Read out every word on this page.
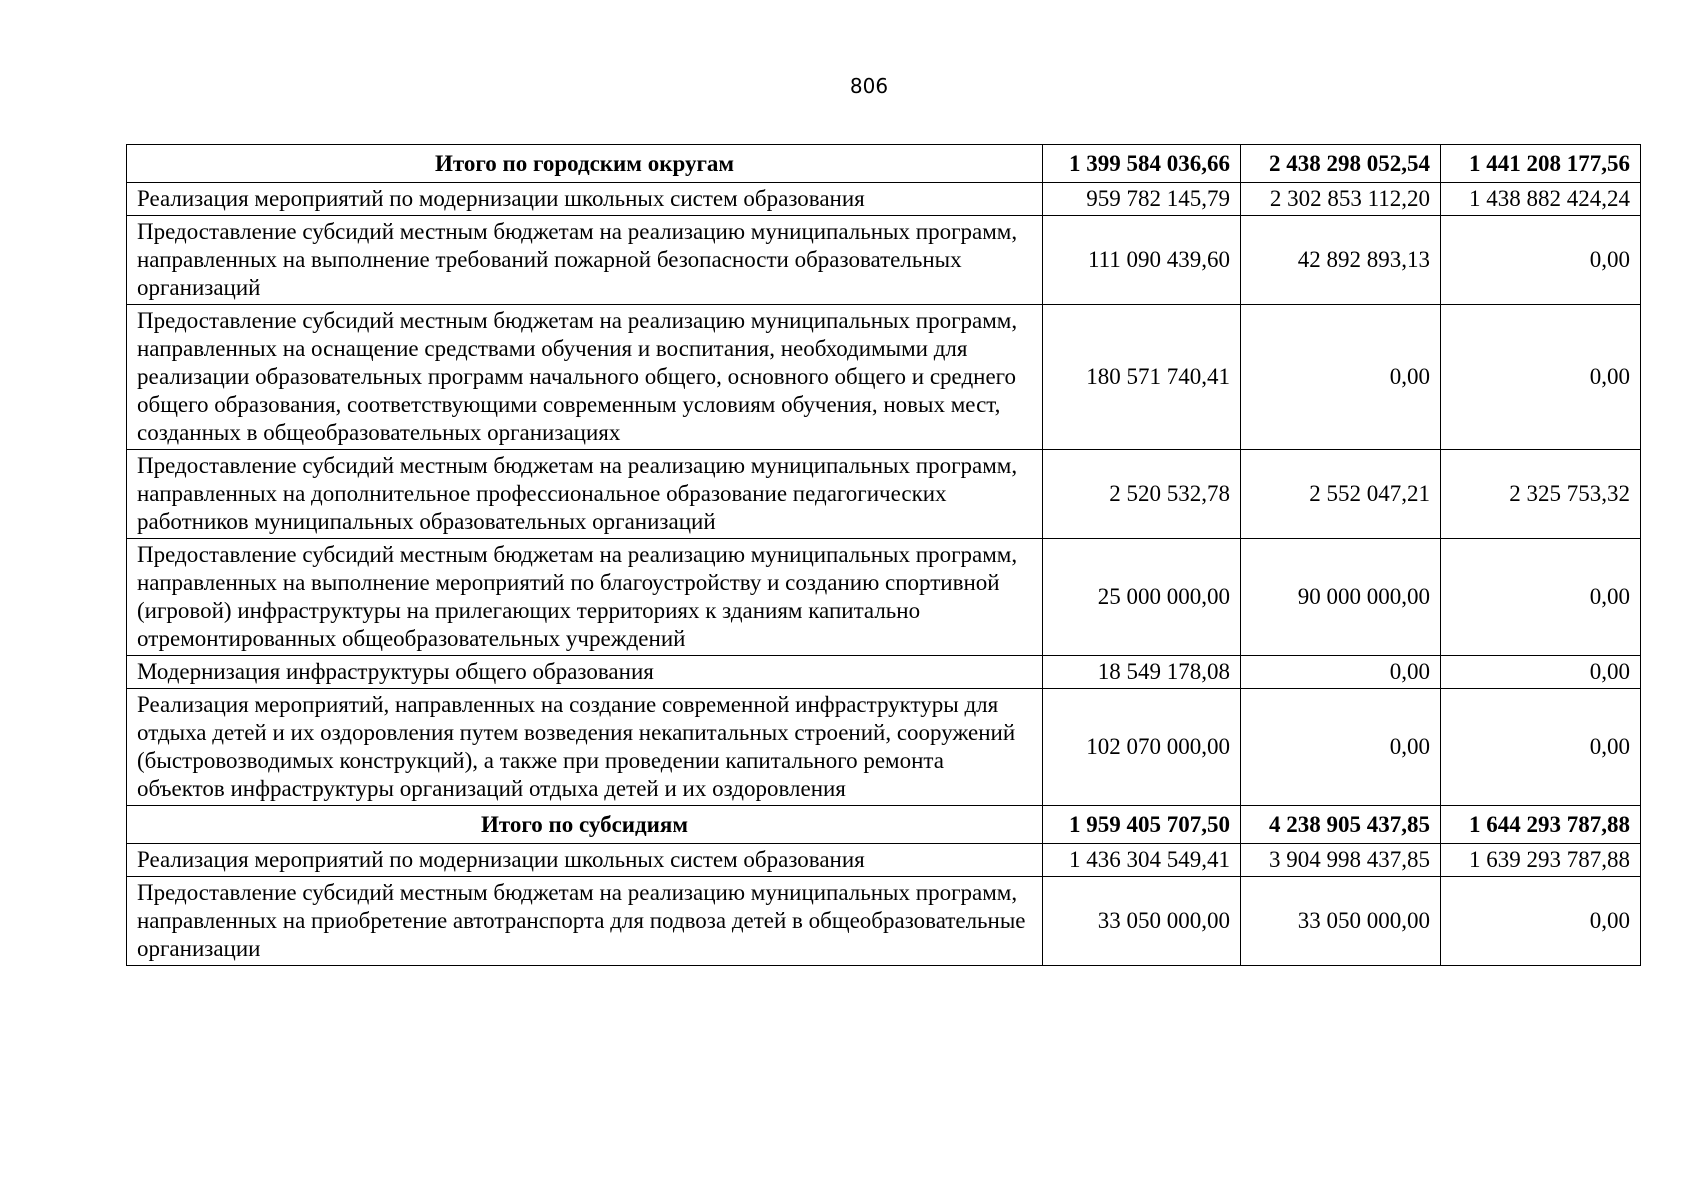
806
Итого по городским округам	1 399 584 036,66	2 438 298 052,54	1 441 208 177,56
Реализация мероприятий по модернизации школьных систем образования	959 782 145,79	2 302 853 112,20	1 438 882 424,24
Предоставление субсидий местным бюджетам на реализацию муниципальных программ, направленных на выполнение требований пожарной безопасности образовательных организаций	111 090 439,60	42 892 893,13	0,00
Предоставление субсидий местным бюджетам на реализацию муниципальных программ, направленных на оснащение средствами обучения и воспитания, необходимыми для реализации образовательных программ начального общего, основного общего и среднего общего образования, соответствующими современным условиям обучения, новых мест, созданных в общеобразовательных организациях	180 571 740,41	0,00	0,00
Предоставление субсидий местным бюджетам на реализацию муниципальных программ, направленных на дополнительное профессиональное образование педагогических работников муниципальных образовательных организаций	2 520 532,78	2 552 047,21	2 325 753,32
Предоставление субсидий местным бюджетам на реализацию муниципальных программ, направленных на выполнение мероприятий по благоустройству и созданию спортивной (игровой) инфраструктуры на прилегающих территориях к зданиям капитально отремонтированных общеобразовательных учреждений	25 000 000,00	90 000 000,00	0,00
Модернизация инфраструктуры общего образования	18 549 178,08	0,00	0,00
Реализация мероприятий, направленных на создание современной инфраструктуры для отдыха детей и их оздоровления путем возведения некапитальных строений, сооружений (быстровозводимых конструкций), а также при проведении капитального ремонта объектов инфраструктуры организаций отдыха детей и их оздоровления	102 070 000,00	0,00	0,00
Итого по субсидиям	1 959 405 707,50	4 238 905 437,85	1 644 293 787,88
Реализация мероприятий по модернизации школьных систем образования	1 436 304 549,41	3 904 998 437,85	1 639 293 787,88
Предоставление субсидий местным бюджетам на реализацию муниципальных программ, направленных на приобретение автотранспорта для подвоза детей в общеобразовательные организации	33 050 000,00	33 050 000,00	0,00
